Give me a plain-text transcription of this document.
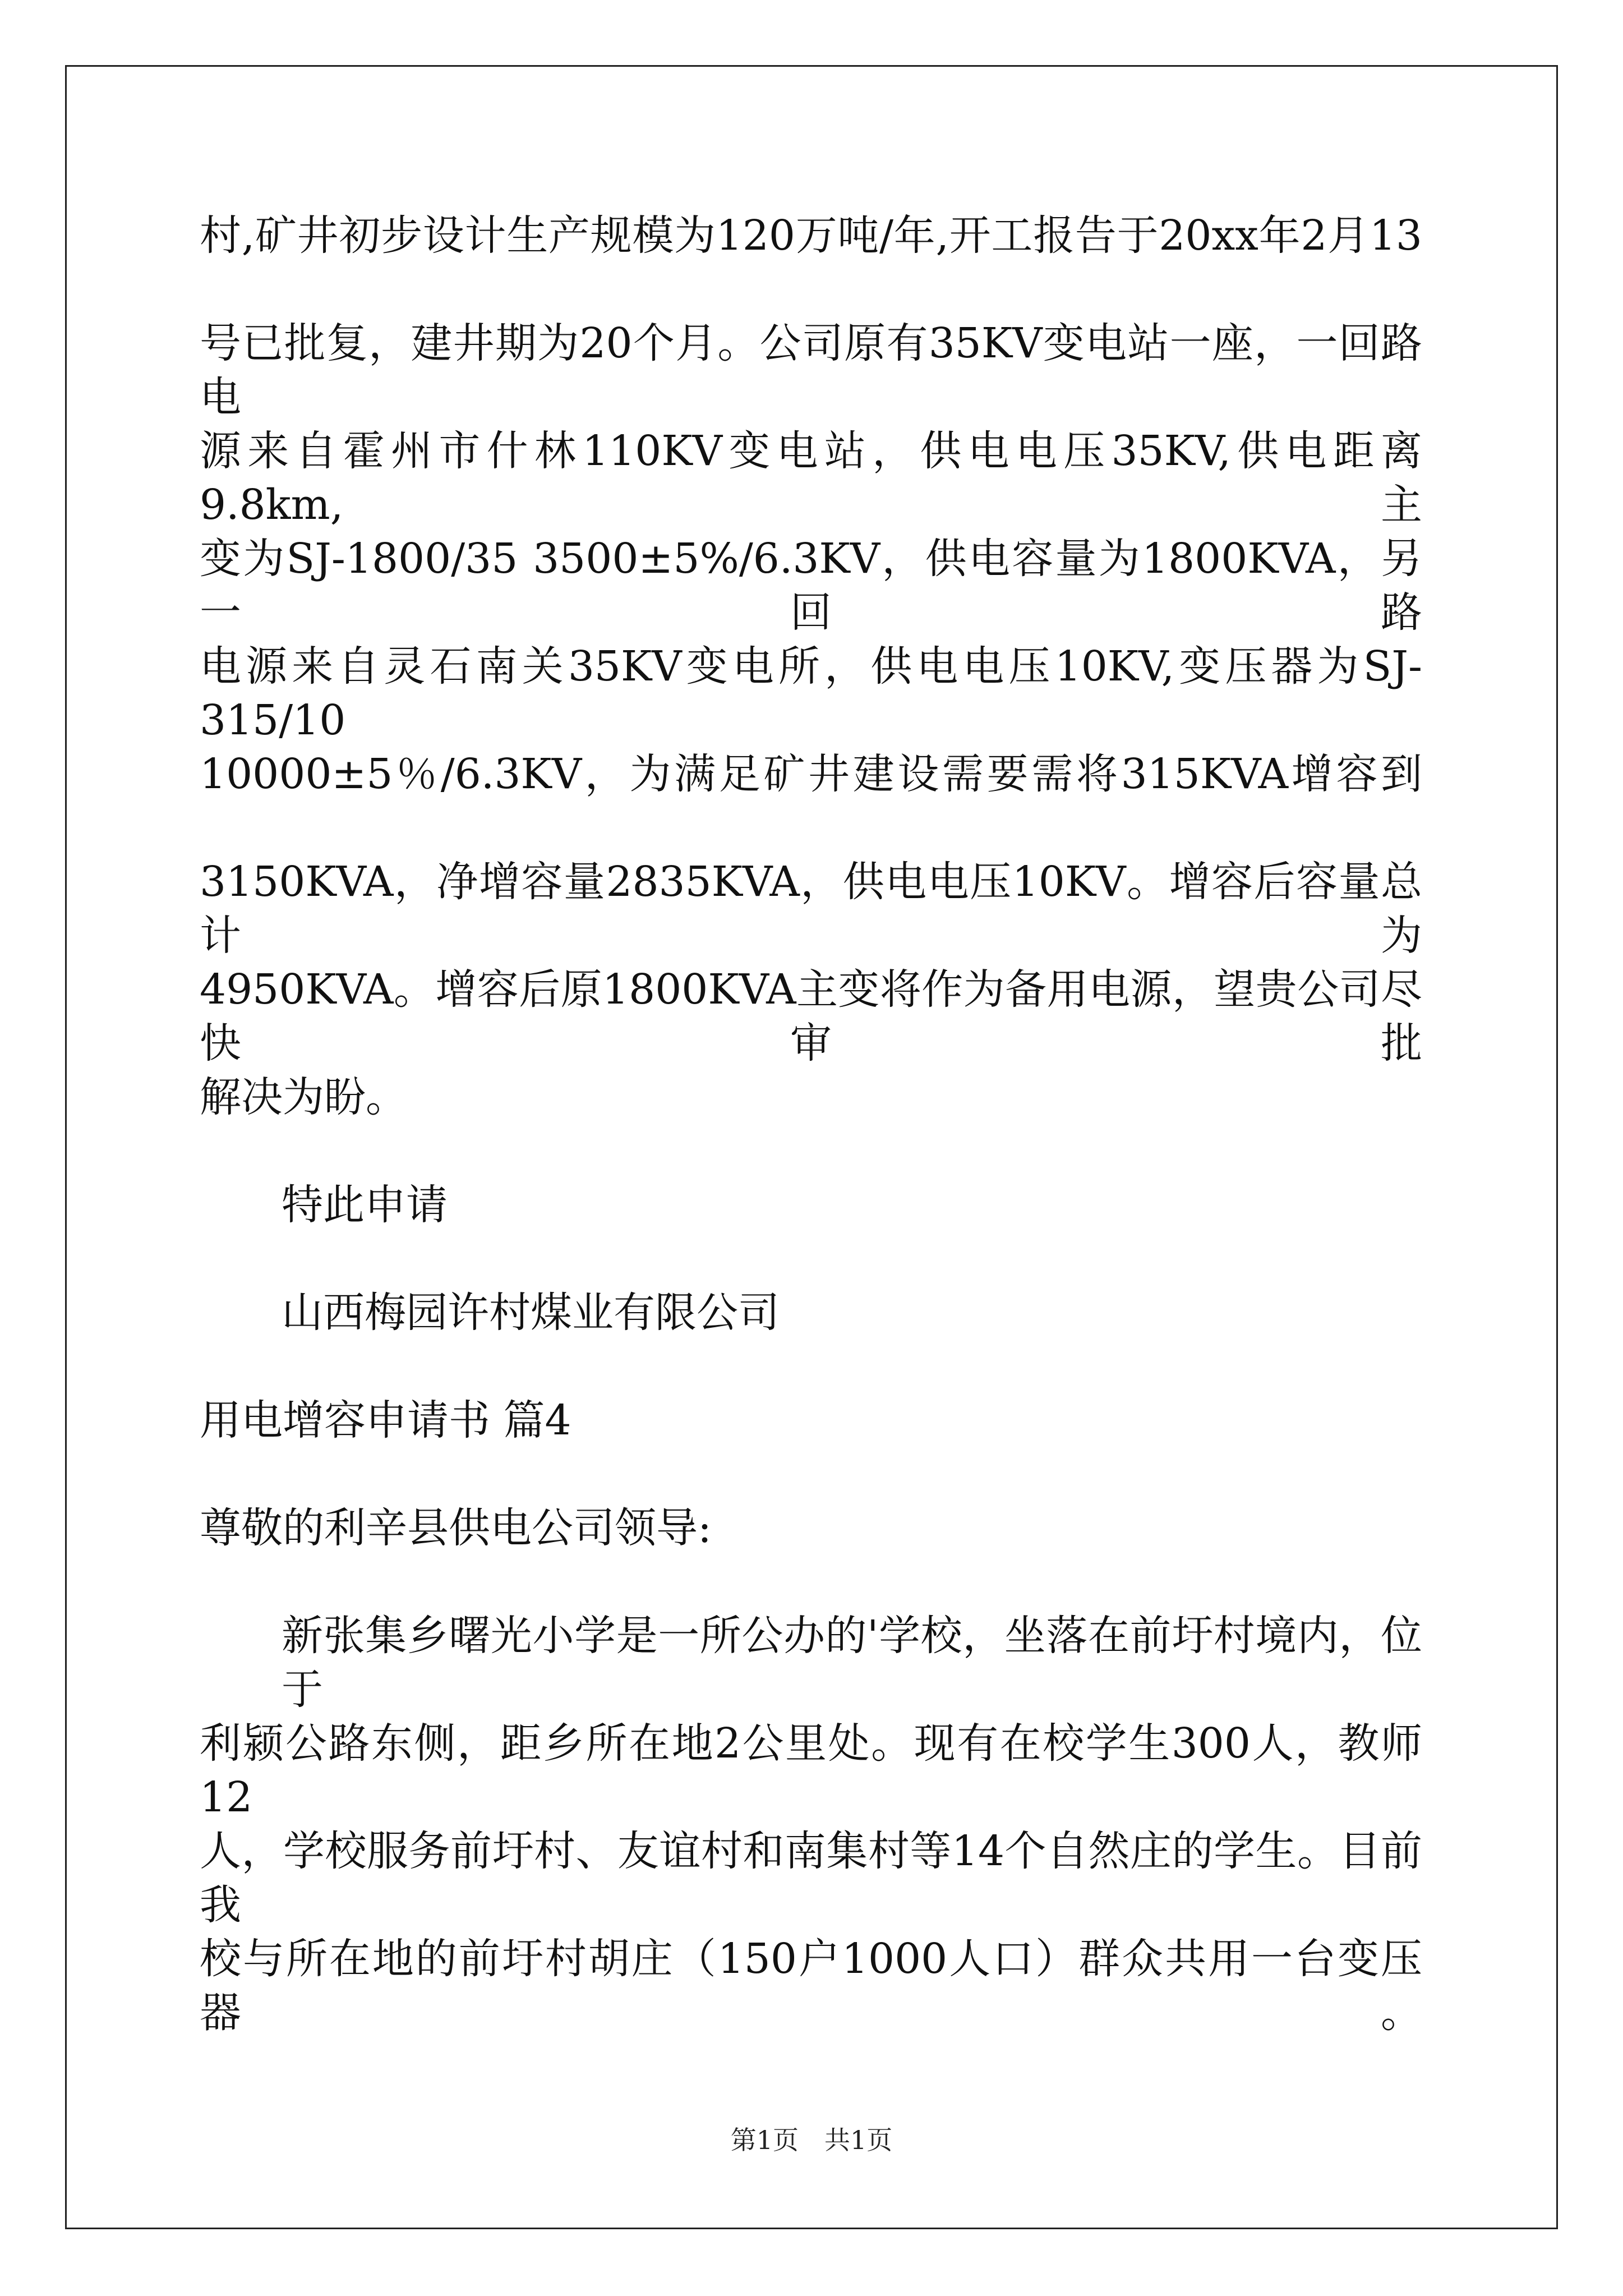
村,矿井初步设计生产规模为120万吨/年,开工报告于20xx年2月13
号已批复，建井期为20个月。公司原有35KV变电站一座，一回路电
源来自霍州市什林110KV变电站，供电电压35KV,供电距离9.8km,主
变为SJ-1800/35 3500±5%/6.3KV，供电容量为1800KVA，另一回路
电源来自灵石南关35KV变电所，供电电压10KV,变压器为SJ-315/10
10000±5％/6.3KV，为满足矿井建设需要需将315KVA增容到
3150KVA，净增容量2835KVA，供电电压10KV。增容后容量总计为
4950KVA。增容后原1800KVA主变将作为备用电源，望贵公司尽快审批
解决为盼。
特此申请
山西梅园许村煤业有限公司
用电增容申请书 篇4
尊敬的利辛县供电公司领导:
新张集乡曙光小学是一所公办的'学校，坐落在前圩村境内，位于
利颍公路东侧，距乡所在地2公里处。现有在校学生300人，教师12
人，学校服务前圩村、友谊村和南集村等14个自然庄的学生。目前我
校与所在地的前圩村胡庄（150户1000人口）群众共用一台变压器。
第1页　共1页
